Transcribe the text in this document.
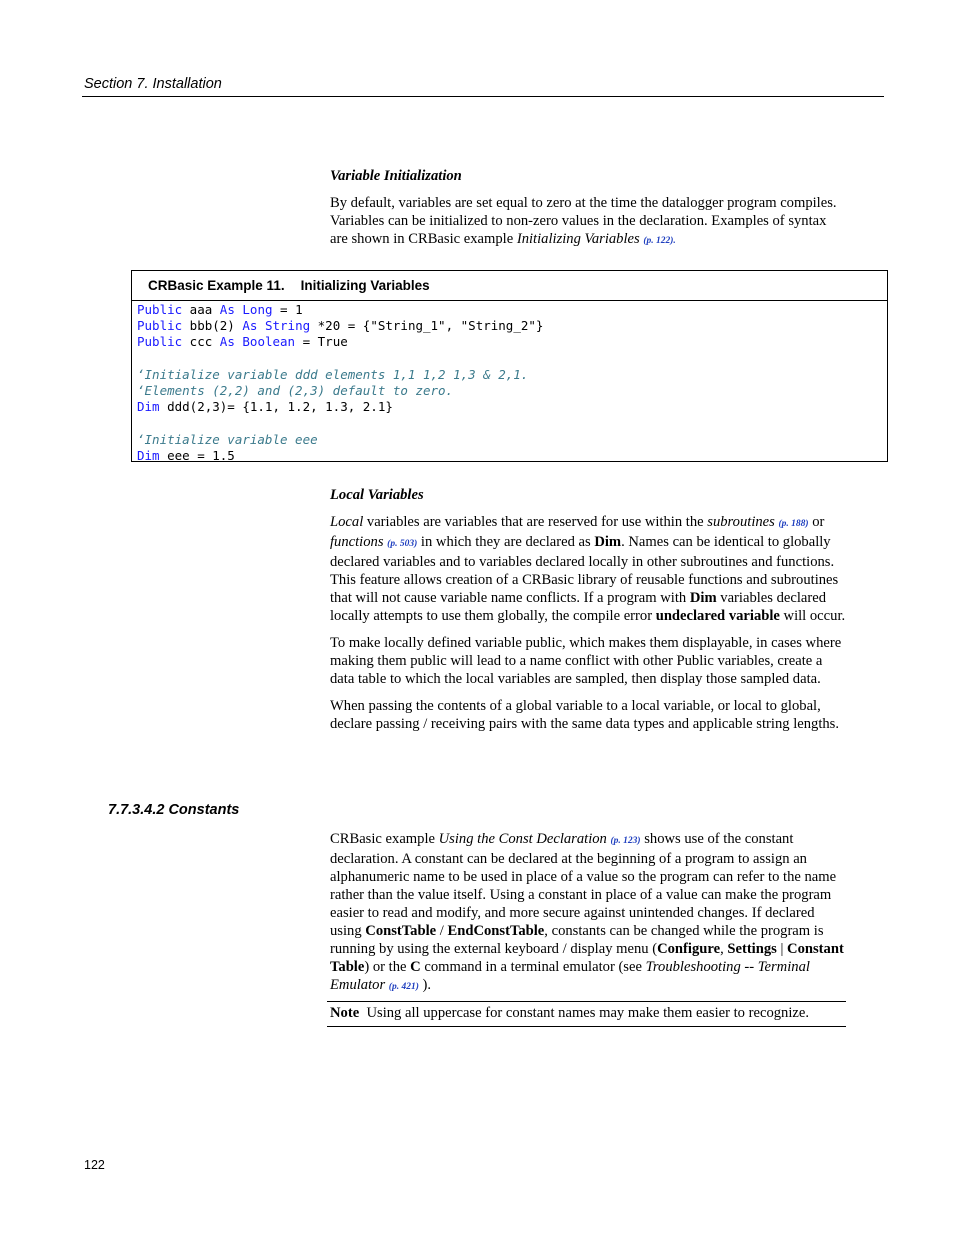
Section 7. Installation
Variable Initialization

By default, variables are set equal to zero at the time the datalogger program compiles. Variables can be initialized to non-zero values in the declaration. Examples of syntax are shown in CRBasic example Initializing Variables (p. 122).

CRBasic Example 11. Initializing Variables
Public aaa As Long = 1
Public bbb(2) As String *20 = {"String_1", "String_2"}
Public ccc As Boolean = True

‘Initialize variable ddd elements 1,1 1,2 1,3 & 2,1.
‘Elements (2,2) and (2,3) default to zero.
Dim ddd(2,3)= {1.1, 1.2, 1.3, 2.1}

‘Initialize variable eee
Dim eee = 1.5
Local Variables

Local variables are variables that are reserved for use within the subroutines (p. 188) or functions (p. 503) in which they are declared as Dim. Names can be identical to globally declared variables and to variables declared locally in other subroutines and functions. This feature allows creation of a CRBasic library of reusable functions and subroutines that will not cause variable name conflicts. If a program with Dim variables declared locally attempts to use them globally, the compile error undeclared variable will occur.

To make locally defined variable public, which makes them displayable, in cases where making them public will lead to a name conflict with other Public variables, create a data table to which the local variables are sampled, then display those sampled data.

When passing the contents of a global variable to a local variable, or local to global, declare passing / receiving pairs with the same data types and applicable string lengths.

7.7.3.4.2 Constants

CRBasic example Using the Const Declaration (p. 123) shows use of the constant declaration. A constant can be declared at the beginning of a program to assign an alphanumeric name to be used in place of a value so the program can refer to the name rather than the value itself. Using a constant in place of a value can make the program easier to read and modify, and more secure against unintended changes. If declared using ConstTable / EndConstTable, constants can be changed while the program is running by using the external keyboard / display menu (Configure, Settings | Constant Table) or the C command in a terminal emulator (see Troubleshooting -- Terminal Emulator (p. 421) ).

Note  Using all uppercase for constant names may make them easier to recognize.
122
